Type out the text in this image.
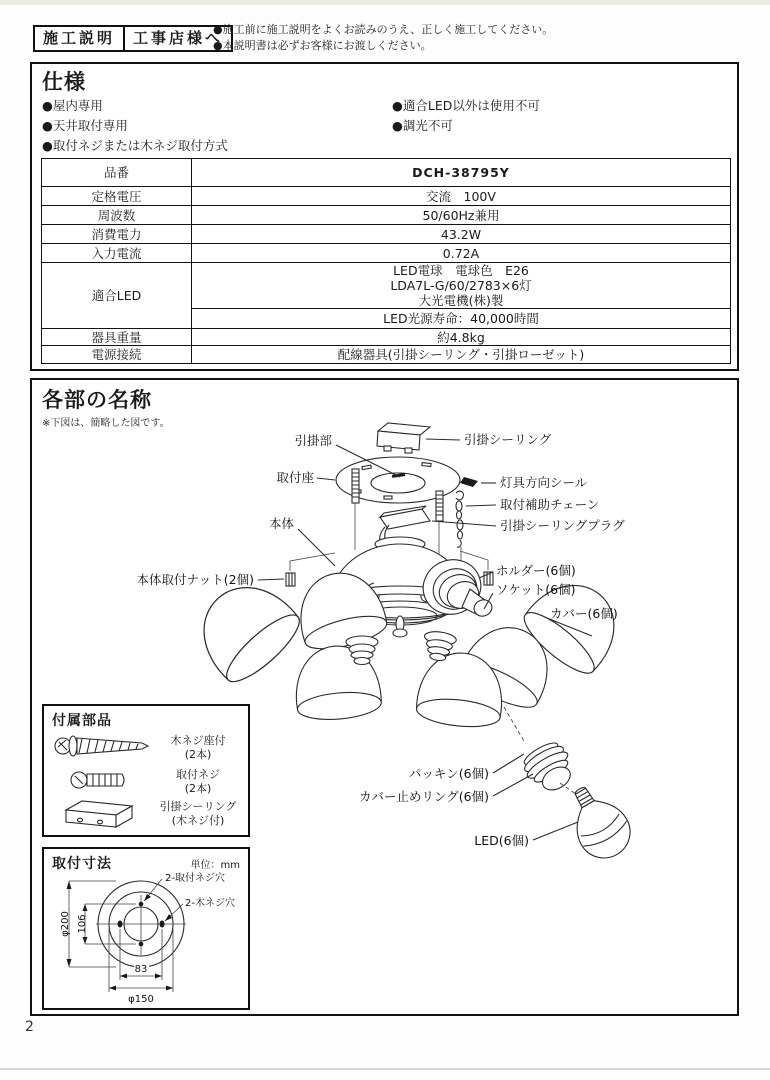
施工説明	工事店様へ
●施工前に施工説明をよくお読みのうえ、正しく施工してください。
●本説明書は必ずお客様にお渡しください。
仕様
●屋内専用
●天井取付専用
●取付ネジまたは木ネジ取付方式
●適合LED以外は使用不可
●調光不可
品番	DCH-38795Y
定格電圧	交流　100V
周波数	50/60Hz兼用
消費電力	43.2W
入力電流	0.72A
適合LED	LED電球　電球色　E26
LDA7L-G/60/2783×6灯
大光電機(株)製

	LED光源寿命：40,000時間
器具重量	約4.8kg
電源接続	配線器具(引掛シーリング・引掛ローゼット)
各部の名称
※下図は、簡略した図です。
引掛部	引掛シーリング
取付座	灯具方向シール
取付補助チェーン
引掛シーリングプラグ
本体
本体取付ナット(2個)
ホルダー(6個)
ソケット(6個)
カバー(6個)
パッキン(6個)
カバー止めリング(6個)
LED(6個)
付属部品
木ネジ座付
(2本)
取付ネジ
(2本)
引掛シーリング
(木ネジ付)
取付寸法	単位：mm
φ200 106
83
φ150
2-取付ネジ穴
2-木ネジ穴
2
